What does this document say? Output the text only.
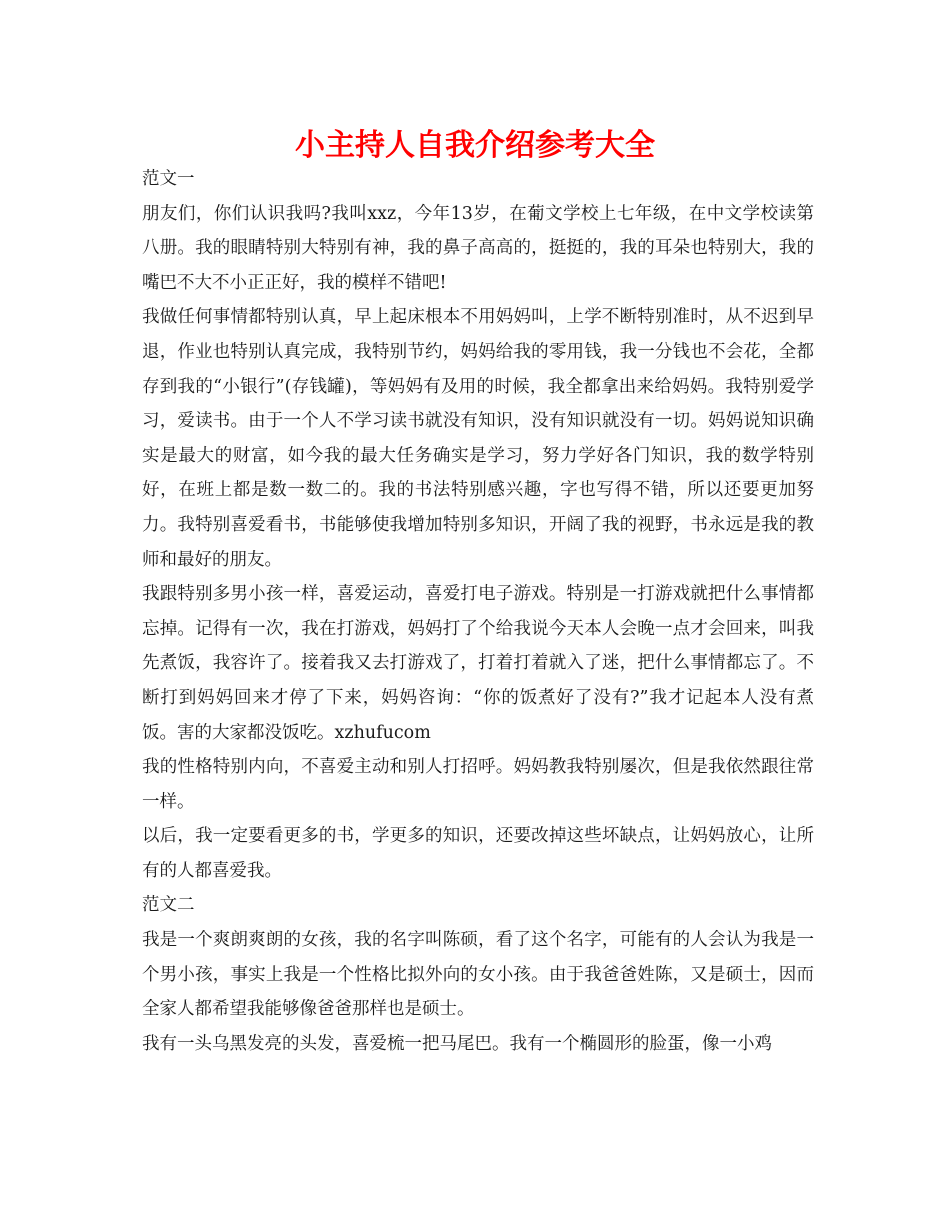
小主持人自我介绍参考大全

范文一

朋友们，你们认识我吗?我叫xxz，今年13岁，在葡文学校上七年级，在中文学校读第八册。我的眼睛特别大特别有神，我的鼻子高高的，挺挺的，我的耳朵也特别大，我的嘴巴不大不小正正好，我的模样不错吧!

我做任何事情都特别认真，早上起床根本不用妈妈叫，上学不断特别准时，从不迟到早退，作业也特别认真完成，我特别节约，妈妈给我的零用钱，我一分钱也不会花，全都存到我的“小银行”(存钱罐)，等妈妈有及用的时候，我全都拿出来给妈妈。我特别爱学习，爱读书。由于一个人不学习读书就没有知识，没有知识就没有一切。妈妈说知识确实是最大的财富，如今我的最大任务确实是学习，努力学好各门知识，我的数学特别好，在班上都是数一数二的。我的书法特别感兴趣，字也写得不错，所以还要更加努力。我特别喜爱看书，书能够使我增加特别多知识，开阔了我的视野，书永远是我的教师和最好的朋友。

我跟特别多男小孩一样，喜爱运动，喜爱打电子游戏。特别是一打游戏就把什么事情都忘掉。记得有一次，我在打游戏，妈妈打了个给我说今天本人会晚一点才会回来，叫我先煮饭，我容许了。接着我又去打游戏了，打着打着就入了迷，把什么事情都忘了。不断打到妈妈回来才停了下来，妈妈咨询：“你的饭煮好了没有?”我才记起本人没有煮饭。害的大家都没饭吃。xzhufucom

我的性格特别内向，不喜爱主动和别人打招呼。妈妈教我特别屡次，但是我依然跟往常一样。

以后，我一定要看更多的书，学更多的知识，还要改掉这些坏缺点，让妈妈放心，让所有的人都喜爱我。

范文二

我是一个爽朗爽朗的女孩，我的名字叫陈硕，看了这个名字，可能有的人会认为我是一个男小孩，事实上我是一个性格比拟外向的女小孩。由于我爸爸姓陈，又是硕士，因而全家人都希望我能够像爸爸那样也是硕士。

我有一头乌黑发亮的头发，喜爱梳一把马尾巴。我有一个椭圆形的脸蛋，像一小鸡
